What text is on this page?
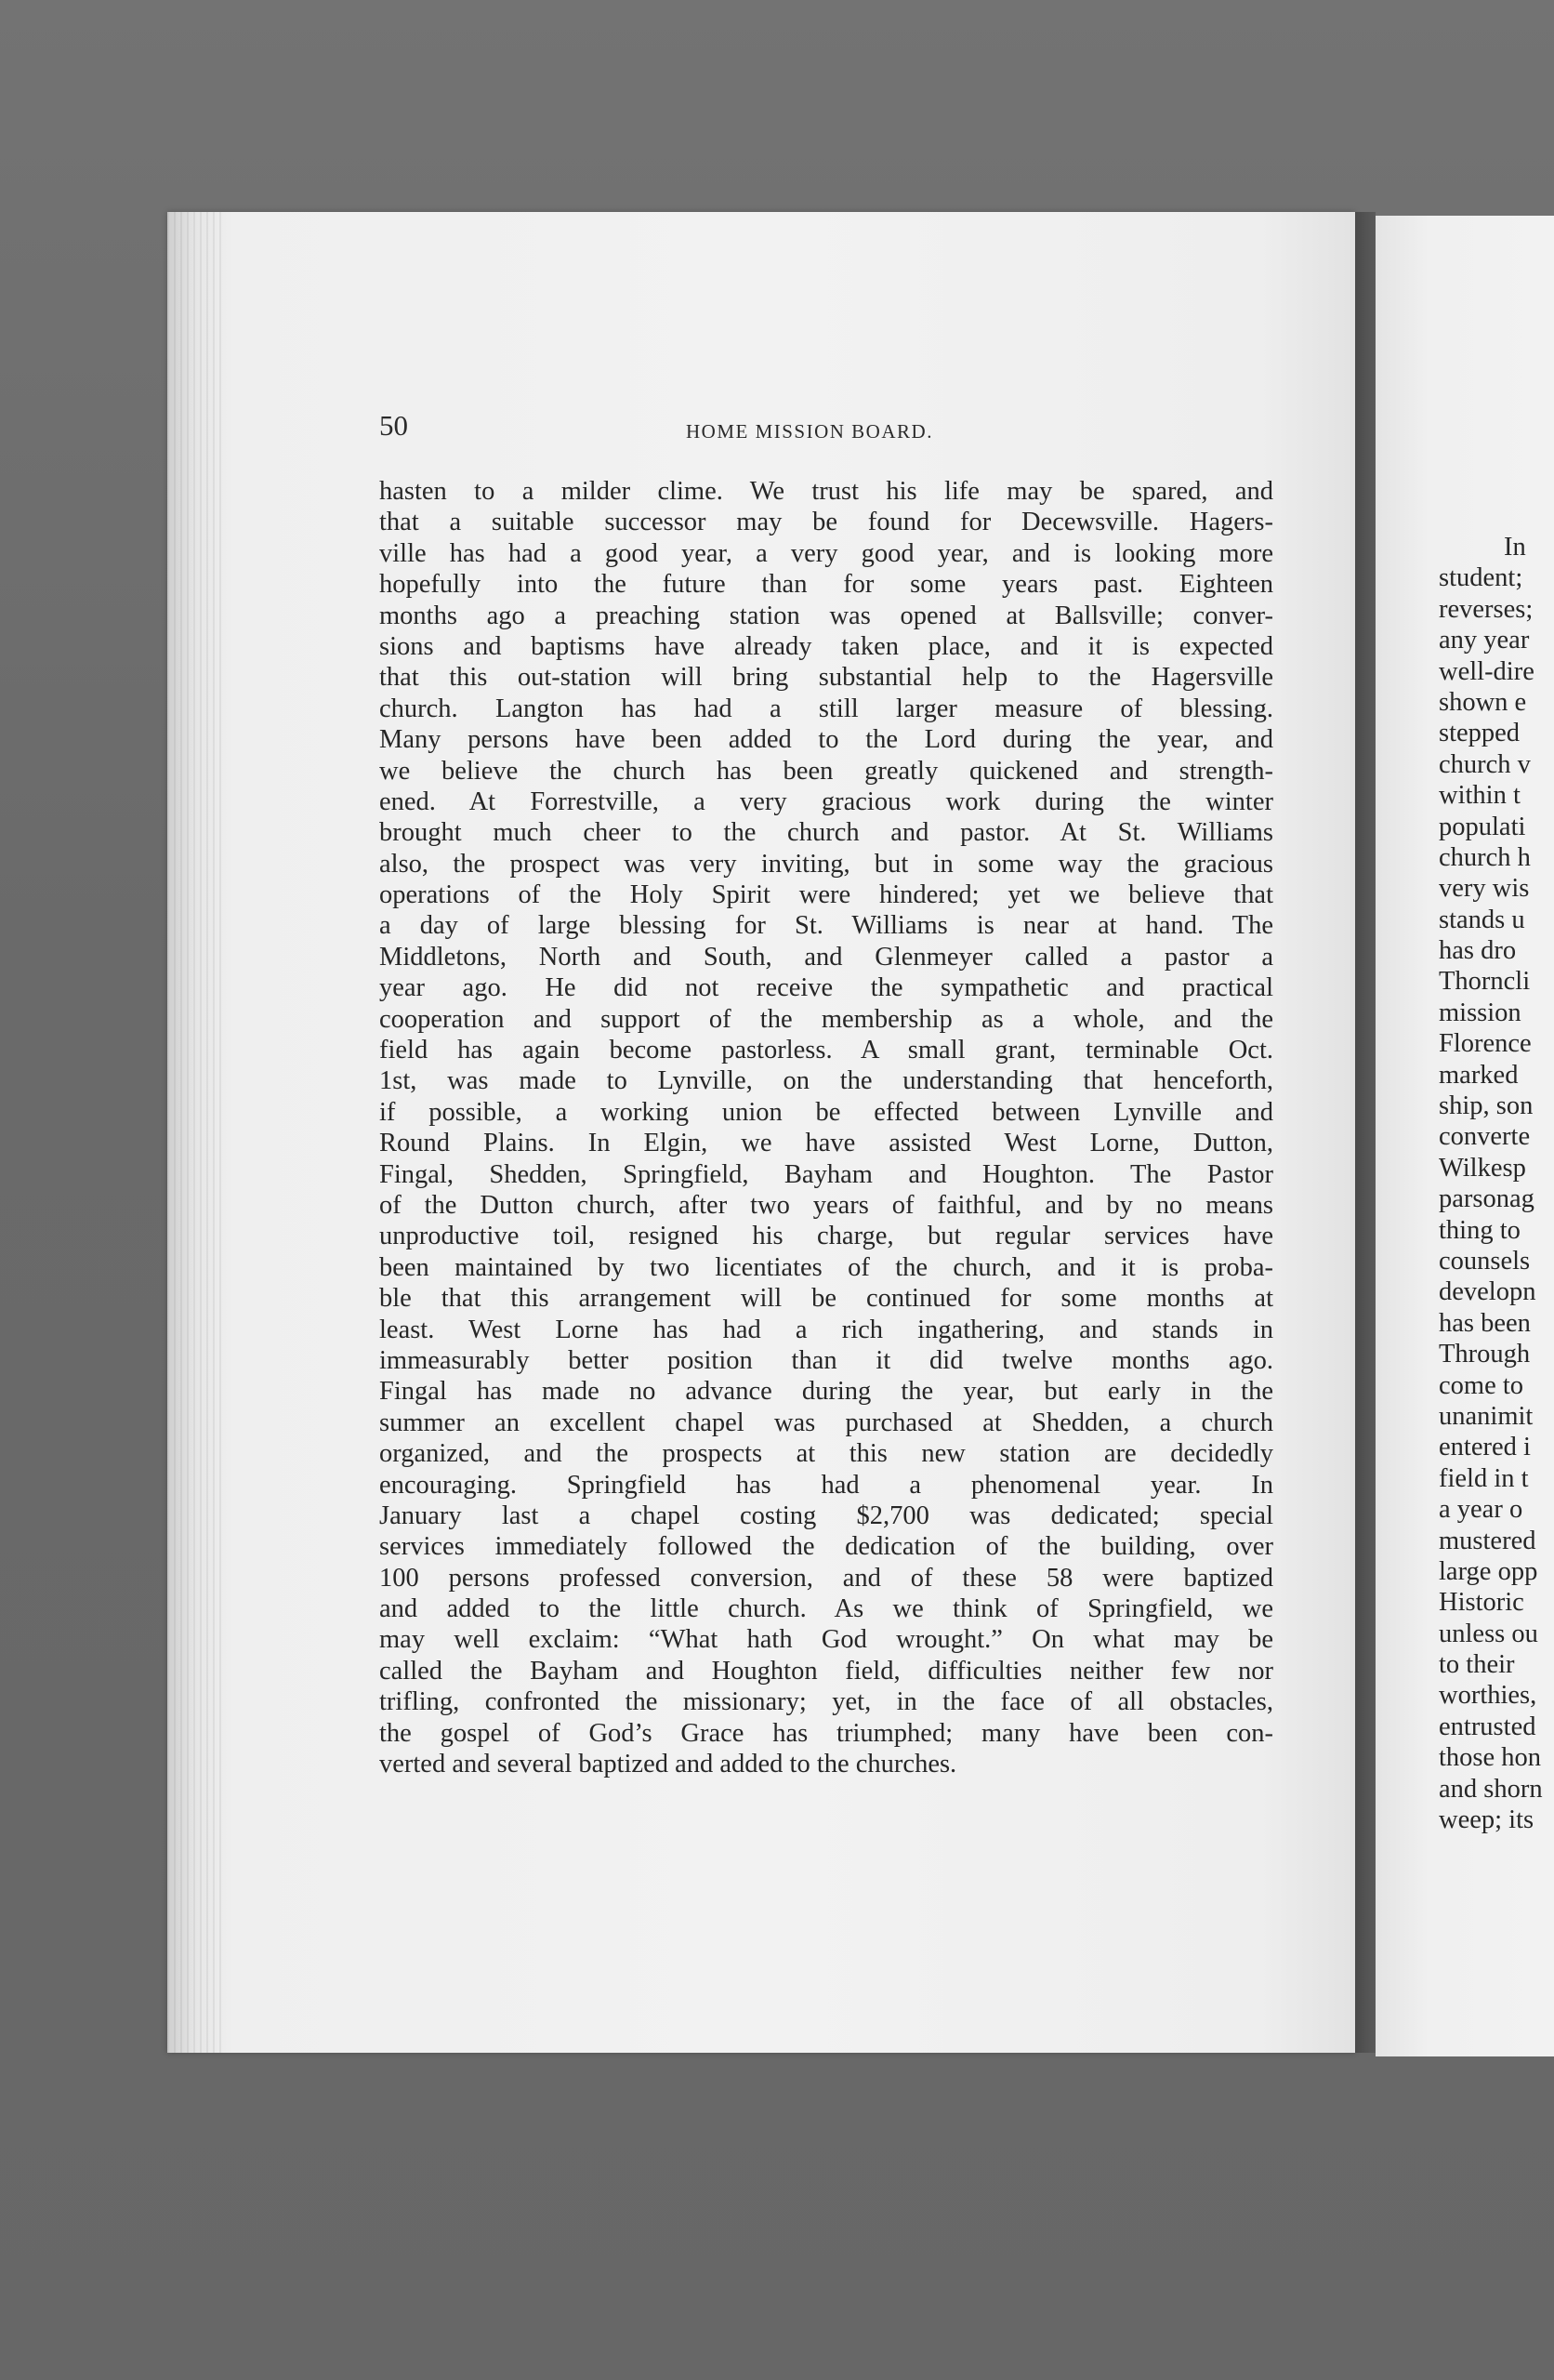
50	HOME MISSION BOARD.

hasten to a milder clime. We trust his life may be spared, and
that a suitable successor may be found for Decewsville. Hagers-
ville has had a good year, a very good year, and is looking more
hopefully into the future than for some years past. Eighteen
months ago a preaching station was opened at Ballsville; conver-
sions and baptisms have already taken place, and it is expected
that this out-station will bring substantial help to the Hagersville
church. Langton has had a still larger measure of blessing.
Many persons have been added to the Lord during the year, and
we believe the church has been greatly quickened and strength-
ened. At Forrestville, a very gracious work during the winter
brought much cheer to the church and pastor. At St. Williams
also, the prospect was very inviting, but in some way the gracious
operations of the Holy Spirit were hindered; yet we believe that
a day of large blessing for St. Williams is near at hand. The
Middletons, North and South, and Glenmeyer called a pastor a
year ago. He did not receive the sympathetic and practical
cooperation and support of the membership as a whole, and the
field has again become pastorless. A small grant, terminable Oct.
1st, was made to Lynville, on the understanding that henceforth,
if possible, a working union be effected between Lynville and
Round Plains. In Elgin, we have assisted West Lorne, Dutton,
Fingal, Shedden, Springfield, Bayham and Houghton. The Pastor
of the Dutton church, after two years of faithful, and by no means
unproductive toil, resigned his charge, but regular services have
been maintained by two licentiates of the church, and it is proba-
ble that this arrangement will be continued for some months at
least. West Lorne has had a rich ingathering, and stands in
immeasurably better position than it did twelve months ago.
Fingal has made no advance during the year, but early in the
summer an excellent chapel was purchased at Shedden, a church
organized, and the prospects at this new station are decidedly
encouraging. Springfield has had a phenomenal year. In
January last a chapel costing $2,700 was dedicated; special
services immediately followed the dedication of the building, over
100 persons professed conversion, and of these 58 were baptized
and added to the little church. As we think of Springfield, we
may well exclaim: “What hath God wrought.” On what may be
called the Bayham and Houghton field, difficulties neither few nor
trifling, confronted the missionary; yet, in the face of all obstacles,
the gospel of God’s Grace has triumphed; many have been con-
verted and several baptized and added to the churches.
In
student;
reverses;
any year
well-dire
shown e
stepped
church v
within t
populati
church h
very wis
stands u
has dro
Thorncli
mission
Florence
marked
ship, son
converte
Wilkesp
parsonag
thing to
counsels
developn
has been
Through
come to
unanimit
entered i
field in t
a year o
mustered
large opp
Historic
unless ou
to their
worthies,
entrusted
those hon
and shorn
weep; its
